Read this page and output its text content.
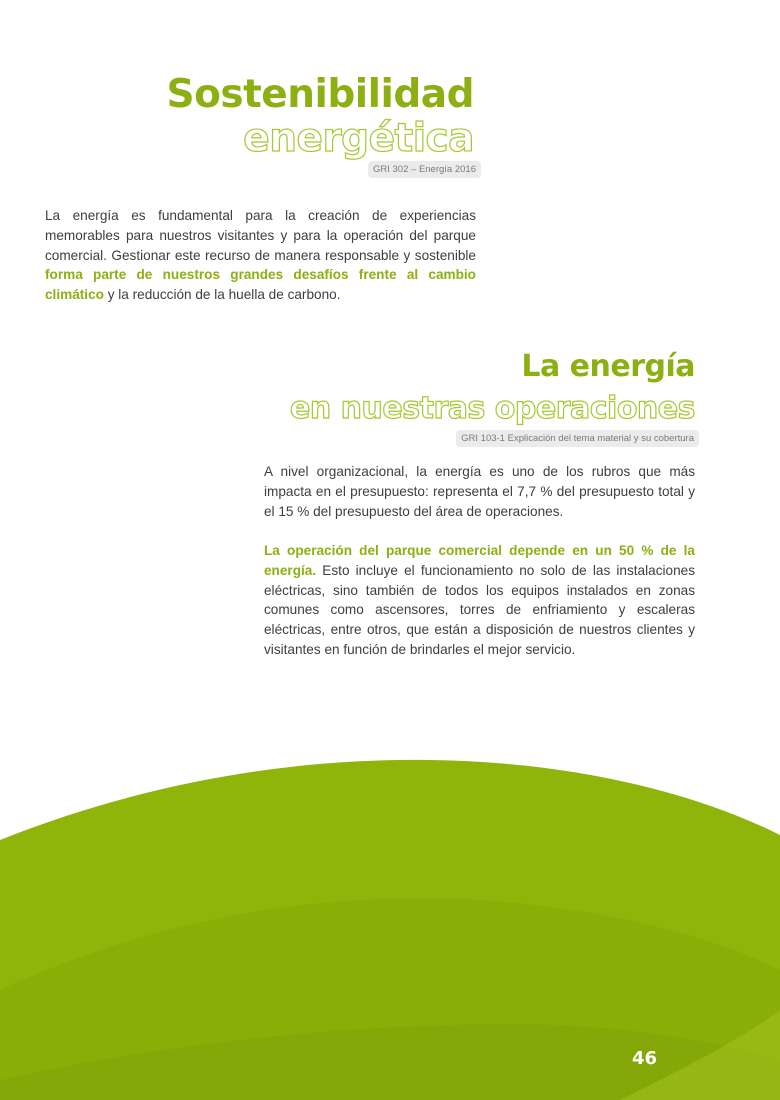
Sostenibilidad
energética
GRI 302 – Energía 2016

La energía es fundamental para la creación de experiencias memorables para nuestros visitantes y para la operación del parque comercial. Gestionar este recurso de manera responsable y sostenible forma parte de nuestros grandes desafíos frente al cambio climático y la reducción de la huella de carbono.

La energía
en nuestras operaciones
GRI 103-1 Explicación del tema material y su cobertura

A nivel organizacional, la energía es uno de los rubros que más impacta en el presupuesto: representa el 7,7 % del presupuesto total y el 15 % del presupuesto del área de operaciones.

La operación del parque comercial depende en un 50 % de la energía. Esto incluye el funcionamiento no solo de las instalaciones eléctricas, sino también de todos los equipos instalados en zonas comunes como ascensores, torres de enfriamiento y escaleras eléctricas, entre otros, que están a disposición de nuestros clientes y visitantes en función de brindarles el mejor servicio.

46
